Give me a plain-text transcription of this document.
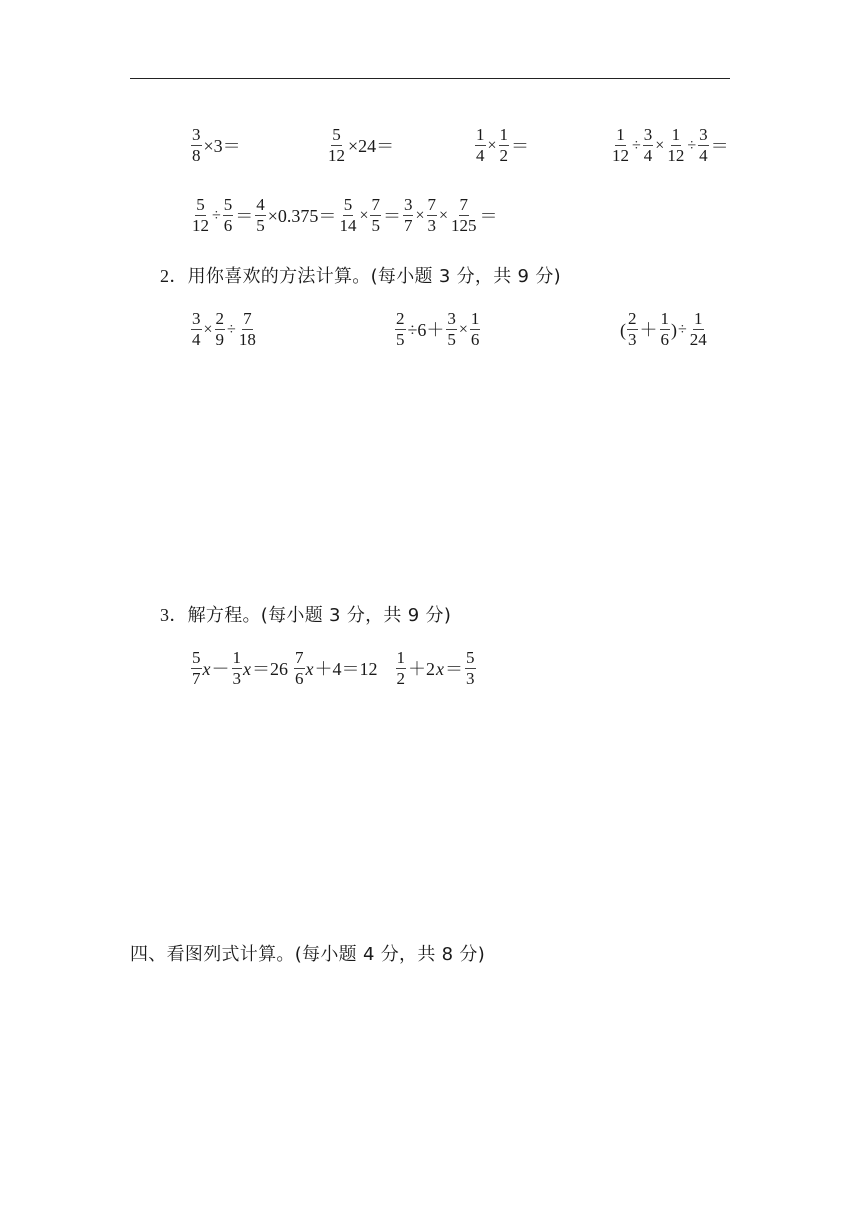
$\frac{3}{8} \times 3=$	$\frac{5}{12} \times 24=$	$\frac{1}{4} \times \frac{1}{2}$ ＝	$\frac{1}{12} \div \frac{3}{4} \times \frac{1}{12} \div \frac{3}{4}$ ＝
$\frac{5}{12} \div \frac{5}{6} = \frac{4}{5} \times 0.375= \frac{5}{14} \times \frac{7}{5} = \frac{3}{7} \times \frac{7}{3} \times \frac{7}{125}$ ＝
2．用你喜欢的方法计算。(每小题 3 分，共 9 分)
$\frac{3}{4} \times \frac{2}{9} \div \frac{7}{18}$	$\frac{2}{5} \div 6+ \frac{3}{5} \times \frac{1}{6}$	( $\frac{2}{3} + \frac{1}{6}$ ) ÷ $\frac{1}{24}$
3．解方程。(每小题 3 分，共 9 分)
$\frac{5}{7}$ $x - \frac{1}{3}$ $x =26 \frac{7}{6}$ $x +4=12 \frac{1}{2} +2$ $x = \frac{5}{3}$
四、看图列式计算。(每小题 4 分，共 8 分)
